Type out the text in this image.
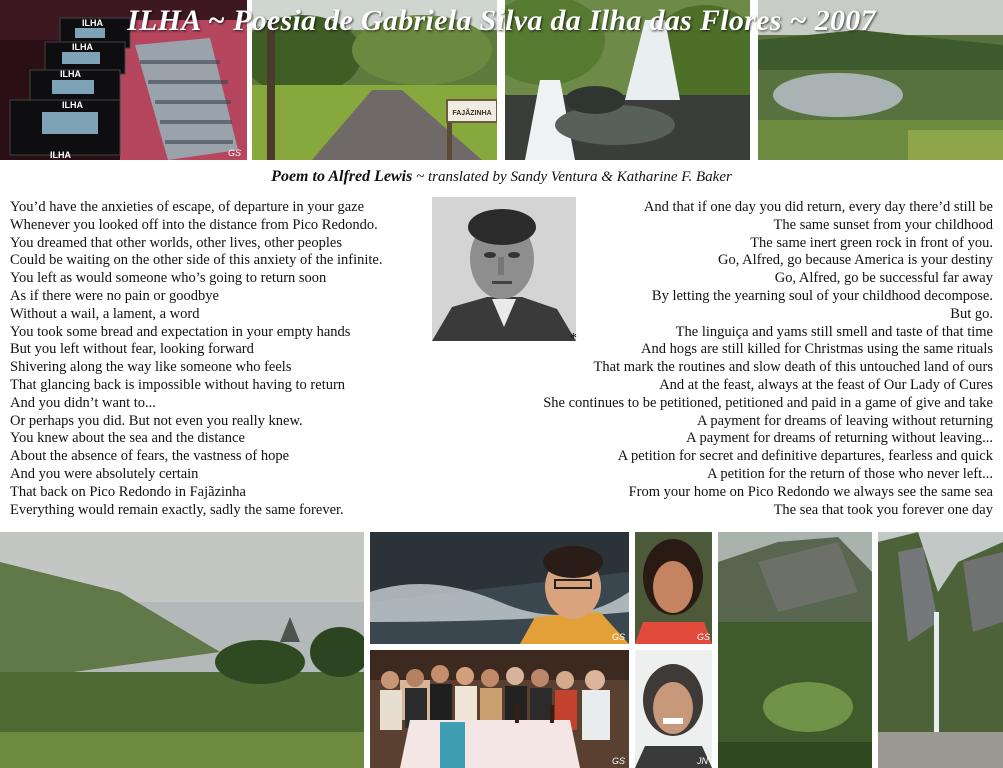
ILHA
ILHA
ILHA
ILHA
ILHA	GS
FAJÃZINHA
ILHA ~ Poesia de Gabriela Silva da Ilha das Flores ~ 2007
Poem to Alfred Lewis ~ translated by Sandy Ventura & Katharine F. Baker
*
You’d have the anxieties of escape, of departure in your gaze
Whenever you looked off into the distance from Pico Redondo.
You dreamed that other worlds, other lives, other peoples
Could be waiting on the other side of this anxiety of the infinite.
You left as would someone who’s going to return soon
As if there were no pain or goodbye
Without a wail, a lament, a word
You took some bread and expectation in your empty hands
But you left without fear, looking forward
Shivering along the way like someone who feels
That glancing back is impossible without having to return
And you didn’t want to...
Or perhaps you did. But not even you really knew.
You knew about the sea and the distance
About the absence of fears, the vastness of hope
And you were absolutely certain
That back on Pico Redondo in Fajãzinha
Everything would remain exactly, sadly the same forever.
And that if one day you did return, every day there’d still be
The same sunset from your childhood
The same inert green rock in front of you.
Go, Alfred, go because America is your destiny
Go, Alfred, go be successful far away
By letting the yearning soul of your childhood decompose.
But go.
The linguiça and yams still smell and taste of that time
And hogs are still killed for Christmas using the same rituals
That mark the routines and slow death of this untouched land of ours
And at the feast, always at the feast of Our Lady of Cures
She continues to be petitioned, petitioned and paid in a game of give and take
A payment for dreams of leaving without returning
A payment for dreams of returning without leaving...
A petition for secret and definitive departures, fearless and quick
A petition for the return of those who never left...
From your home on Pico Redondo we always see the same sea
The sea that took you forever one day
GS	GS
GS	JN
